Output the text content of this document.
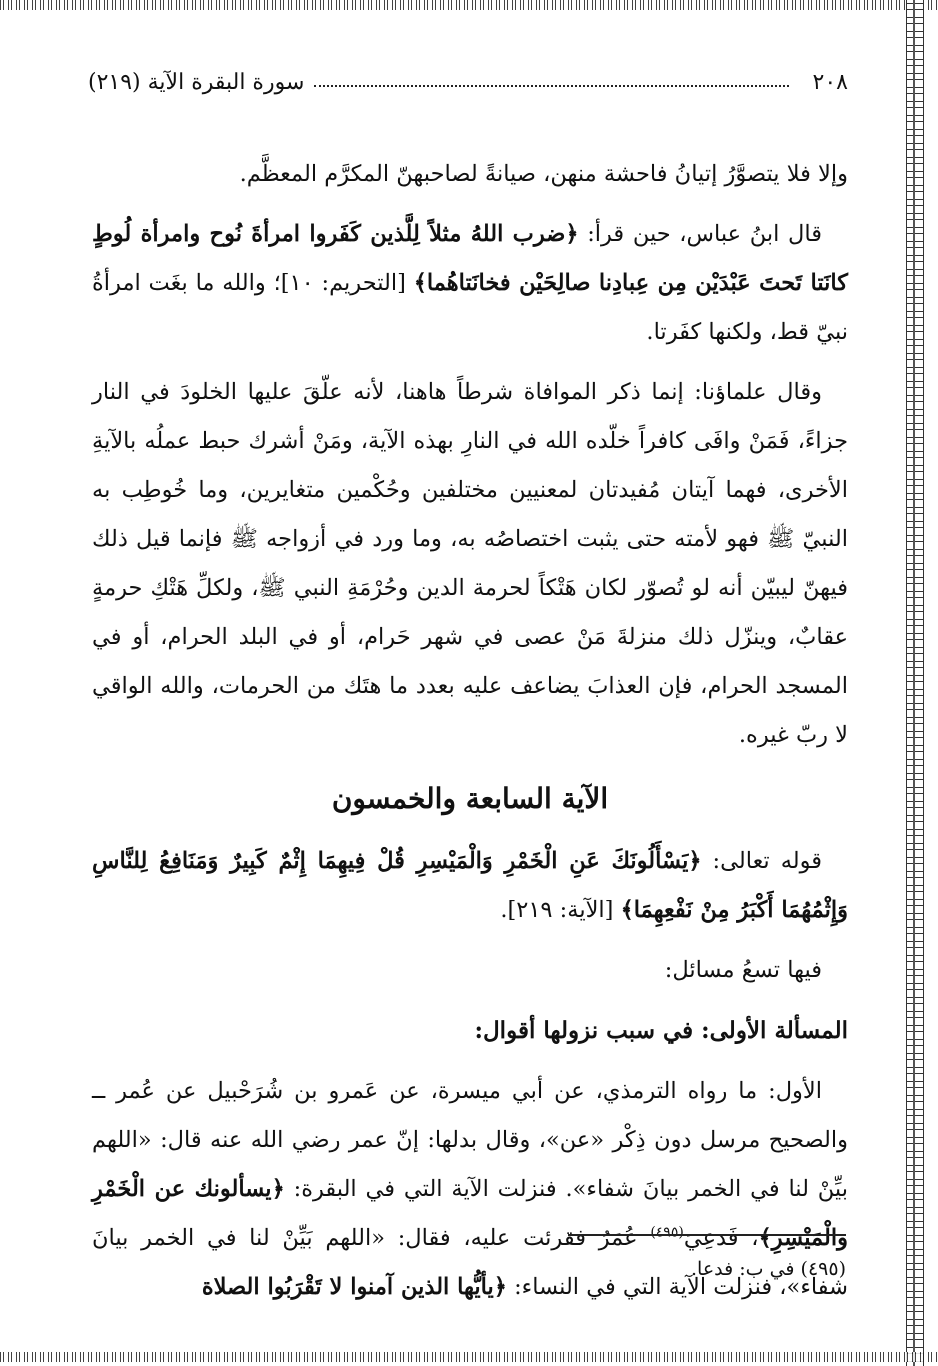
٢٠٨
سورة البقرة الآية (٢١٩)

وإلا فلا يتصوَّرُ إتيانُ فاحشة منهن، صيانةً لصاحبهنّ المكرَّم المعظَّم.

قال ابنُ عباس، حين قرأ: ﴿ضرب اللهُ مثلاً لِلَّذين كَفَروا امرأةَ نُوح وامرأة لُوطٍ كانَتا تَحتَ عَبْدَيْن مِن عِبادِنا صالِحَيْن فخانَتاهُما﴾ [التحريم: ١٠]؛ والله ما بغَت امرأةُ نبيّ قط، ولكنها كفَرتا.

وقال علماؤنا: إنما ذكر الموافاة شرطاً هاهنا، لأنه علّقَ عليها الخلودَ في النار جزاءً، فَمَنْ وافَى كافراً خلّده الله في النارِ بهذه الآية، ومَنْ أشرك حبط عملُه بالآيةِ الأخرى، فهما آيتان مُفيدتان لمعنيين مختلفين وحُكْمين متغايرين، وما خُوطِب به النبيّ ﷺ فهو لأمته حتى يثبت اختصاصُه به، وما ورد في أزواجه ﷺ فإنما قيل ذلك فيهنّ ليبيّن أنه لو تُصوّر لكان هَتْكاً لحرمة الدين وحُرْمَةِ النبي ﷺ، ولكلِّ هَتْكِ حرمةٍ عقابٌ، وينزّل ذلك منزلةَ مَنْ عصى في شهر حَرام، أو في البلد الحرام، أو في المسجد الحرام، فإن العذابَ يضاعف عليه بعدد ما هتَك من الحرمات، والله الواقي لا ربّ غيره.

الآية السابعة والخمسون

قوله تعالى: ﴿يَسْأَلُونَكَ عَنِ الْخَمْرِ وَالْمَيْسِرِ قُلْ فِيهِمَا إِثْمٌ كَبِيرٌ وَمَنَافِعُ لِلنَّاسِ وَإِثْمُهُمَا أَكْبَرُ مِنْ نَفْعِهِمَا﴾ [الآية: ٢١٩].

فيها تسعُ مسائل:

المسألة الأولى: في سبب نزولها أقوال:

الأول: ما رواه الترمذي، عن أبي ميسرة، عن عَمرو بن شُرَحْبيل عن عُمر ــ والصحيح مرسل دون ذِكْر «عن»، وقال بدلها: إنّ عمر رضي الله عنه قال: «اللهم بيِّنْ لنا في الخمر بيانَ شفاء». فنزلت الآية التي في البقرة: ﴿يسألونك عن الْخَمْرِ والْمَيْسِرِ﴾، فَدعِيَ$^{(٤٩٥)}$ عُمَرُ فقرئت عليه، فقال: «اللهم بَيِّنْ لنا في الخمر بيانَ شفاء»، فنزلت الآية التي في النساء: ﴿يأيُّها الذين آمنوا لا تَقْرَبُوا الصلاة

(٤٩٥) في ب: فدعا.
